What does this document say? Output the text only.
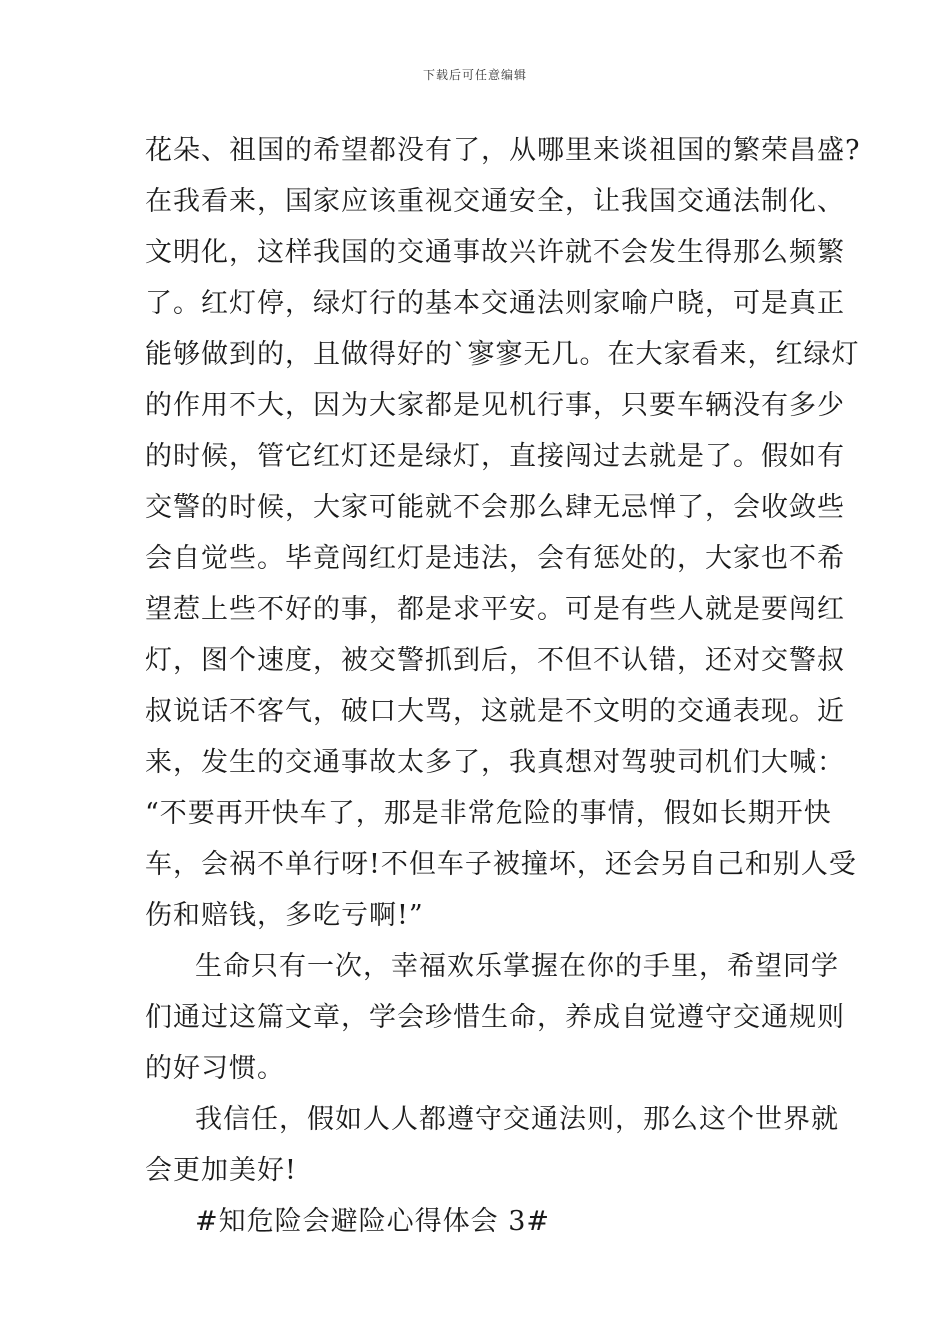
下载后可任意编辑
花朵、祖国的希望都没有了，从哪里来谈祖国的繁荣昌盛?
在我看来，国家应该重视交通安全，让我国交通法制化、
文明化，这样我国的交通事故兴许就不会发生得那么频繁
了。红灯停，绿灯行的基本交通法则家喻户晓，可是真正
能够做到的，且做得好的`寥寥无几。在大家看来，红绿灯
的作用不大，因为大家都是见机行事，只要车辆没有多少
的时候，管它红灯还是绿灯，直接闯过去就是了。假如有
交警的时候，大家可能就不会那么肆无忌惮了，会收敛些
会自觉些。毕竟闯红灯是违法，会有惩处的，大家也不希
望惹上些不好的事，都是求平安。可是有些人就是要闯红
灯，图个速度，被交警抓到后，不但不认错，还对交警叔
叔说话不客气，破口大骂，这就是不文明的交通表现。近
来，发生的交通事故太多了，我真想对驾驶司机们大喊：
“不要再开快车了，那是非常危险的事情，假如长期开快
车，会祸不单行呀!不但车子被撞坏，还会另自己和别人受
伤和赔钱，多吃亏啊!”
生命只有一次，幸福欢乐掌握在你的手里，希望同学
们通过这篇文章，学会珍惜生命，养成自觉遵守交通规则
的好习惯。
我信任，假如人人都遵守交通法则，那么这个世界就
会更加美好!
#知危险会避险心得体会 3#
